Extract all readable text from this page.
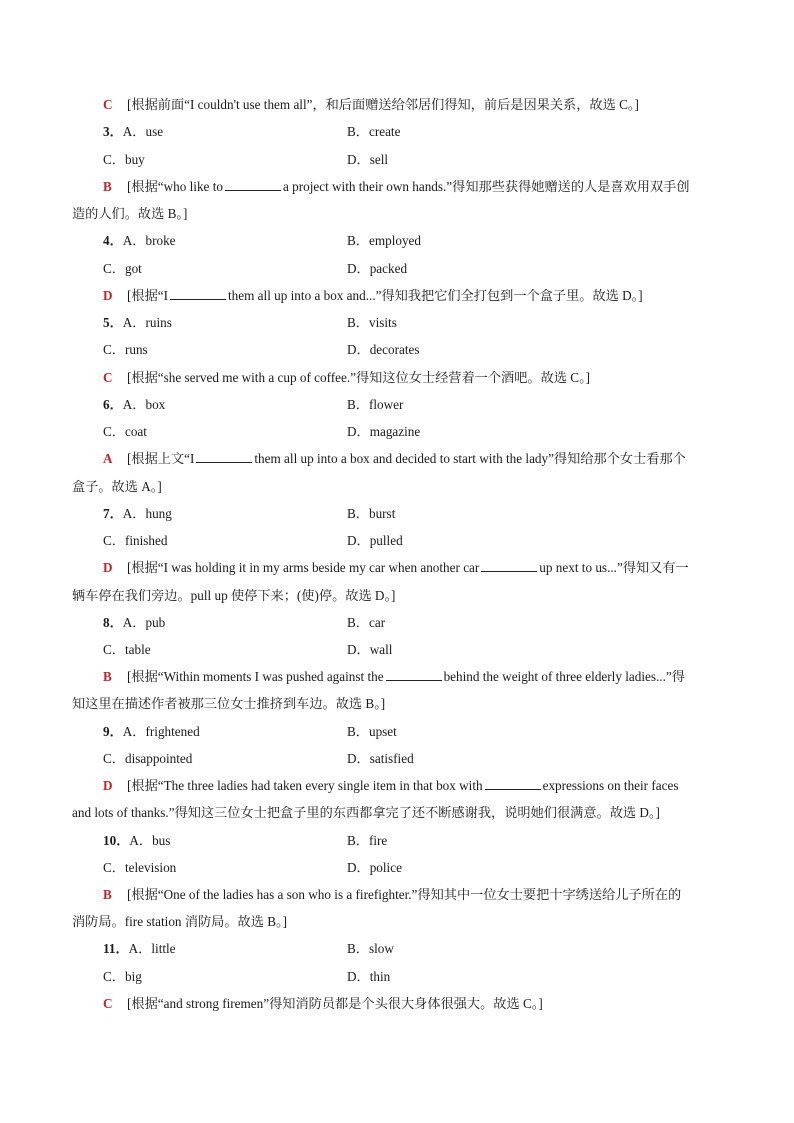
C [根据前面“I couldn't use them all”，和后面赠送给邻居们得知，前后是因果关系，故选 C。]
3．A．use	B．create
C．buy	D．sell
B [根据“who like to	a project with their own hands.”得知那些获得她赠送的人是喜欢用双手创
造的人们。故选 B。]
4．A．broke	B．employed
C．got	D．packed
D [根据“I	them all up into a box and...”得知我把它们全打包到一个盒子里。故选 D。]
5．A．ruins	B．visits
C．runs	D．decorates
C [根据“she served me with a cup of coffee.”得知这位女士经营着一个酒吧。故选 C。]
6．A．box	B．flower
C．coat	D．magazine
A [根据上文“I	them all up into a box and decided to start with the lady”得知给那个女士看那个
盒子。故选 A。]
7．A．hung	B．burst
C．finished	D．pulled
D [根据“I was holding it in my arms beside my car when another car	up next to us...”得知又有一
辆车停在我们旁边。pull up 使停下来；(使)停。故选 D。]
8．A．pub	B．car
C．table	D．wall
B [根据“Within moments I was pushed against the	behind the weight of three elderly ladies...”得
知这里在描述作者被那三位女士推挤到车边。故选 B。]
9．A．frightened	B．upset
C．disappointed	D．satisfied
D [根据“The three ladies had taken every single item in that box with	expressions on their faces
and lots of thanks.”得知这三位女士把盒子里的东西都拿完了还不断感谢我，说明她们很满意。故选 D。]
10．A．bus	B．fire
C．television	D．police
B [根据“One of the ladies has a son who is a firefighter.”得知其中一位女士要把十字绣送给儿子所在的
消防局。fire station 消防局。故选 B。]
11．A．little	B．slow
C．big	D．thin
C [根据“and strong firemen”得知消防员都是个头很大身体很强大。故选 C。]
